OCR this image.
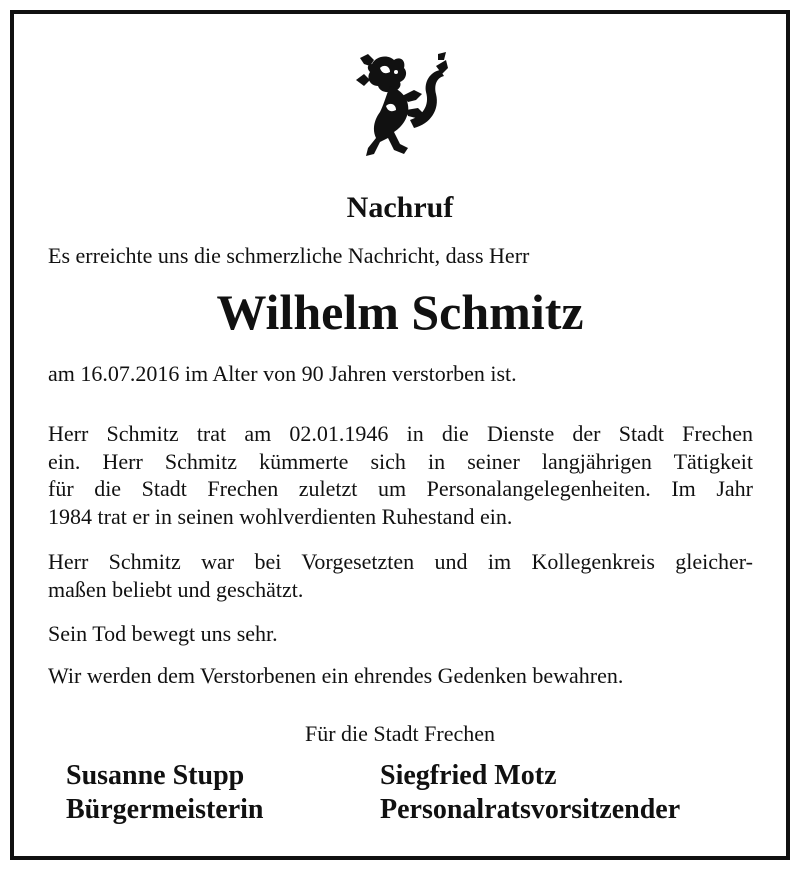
Nachruf
Es erreichte uns die schmerzliche Nachricht, dass Herr
Wilhelm Schmitz
am 16.07.2016 im Alter von 90 Jahren verstorben ist.
Herr Schmitz trat am 02.01.1946 in die Dienste der Stadt Frechen
ein. Herr Schmitz kümmerte sich in seiner langjährigen Tätigkeit
für die Stadt Frechen zuletzt um Personalangelegenheiten. Im Jahr
1984 trat er in seinen wohlverdienten Ruhestand ein.
Herr Schmitz war bei Vorgesetzten und im Kollegenkreis gleicher-
maßen beliebt und geschätzt.
Sein Tod bewegt uns sehr.
Wir werden dem Verstorbenen ein ehrendes Gedenken bewahren.
Für die Stadt Frechen
Susanne Stupp
Bürgermeisterin
Siegfried Motz
Personalratsvorsitzender
